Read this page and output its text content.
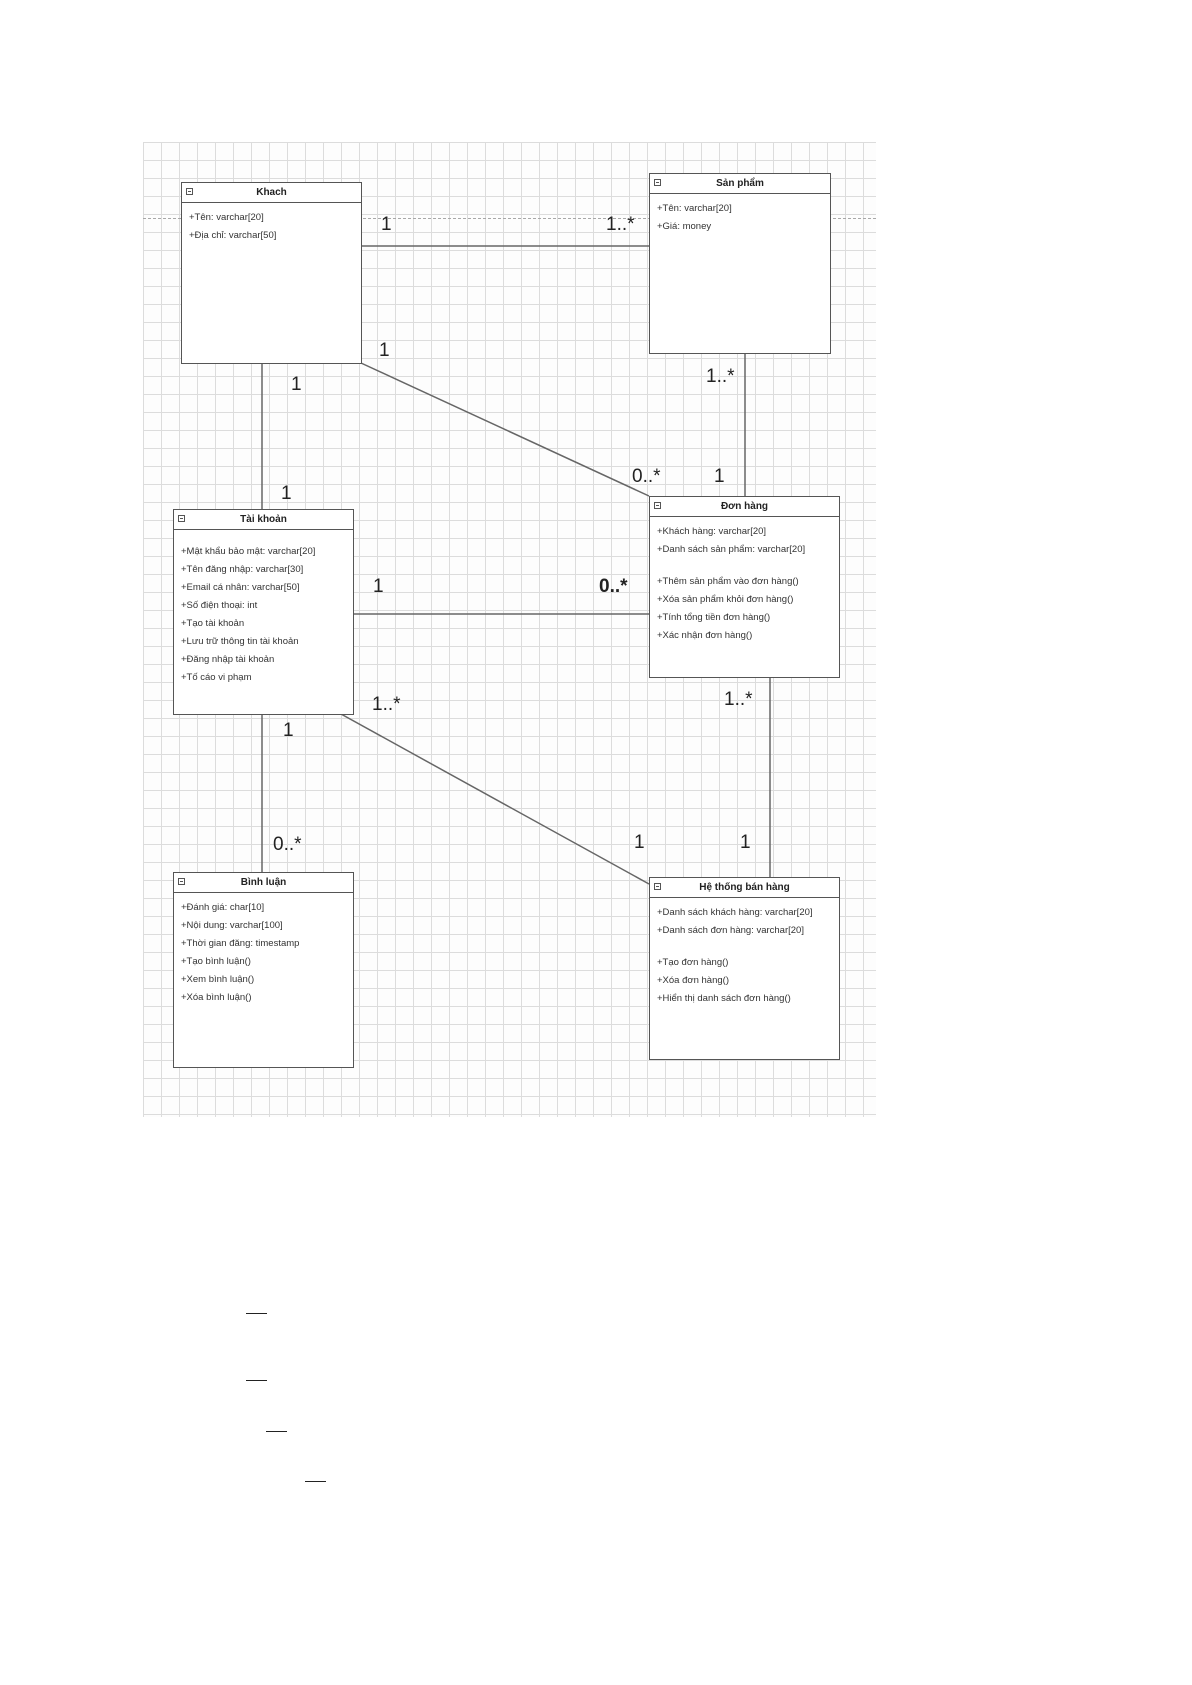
Khach
+Tên: varchar[20]
+Địa chỉ: varchar[50]
Sản phẩm
+Tên: varchar[20]
+Giá: money
Tài khoản
+Mật khẩu bảo mật: varchar[20]
+Tên đăng nhập: varchar[30]
+Email cá nhân: varchar[50]
+Số điện thoại: int
+Tạo tài khoản
+Lưu trữ thông tin tài khoản
+Đăng nhập tài khoản
+Tố cáo vi phạm
Đơn hàng
+Khách hàng: varchar[20]
+Danh sách sản phẩm: varchar[20]
+Thêm sản phẩm vào đơn hàng()
+Xóa sản phẩm khỏi đơn hàng()
+Tính tổng tiền đơn hàng()
+Xác nhận đơn hàng()
Bình luận
+Đánh giá: char[10]
+Nội dung: varchar[100]
+Thời gian đăng: timestamp
+Tạo bình luận()
+Xem bình luận()
+Xóa bình luận()
Hệ thống bán hàng
+Danh sách khách hàng: varchar[20]
+Danh sách đơn hàng: varchar[20]
+Tạo đơn hàng()
+Xóa đơn hàng()
+Hiển thị danh sách đơn hàng()
1	1..*
1
0..*
1
1
1..*
1
1	0..*
1
0..*
1..*
1
1..*
1
